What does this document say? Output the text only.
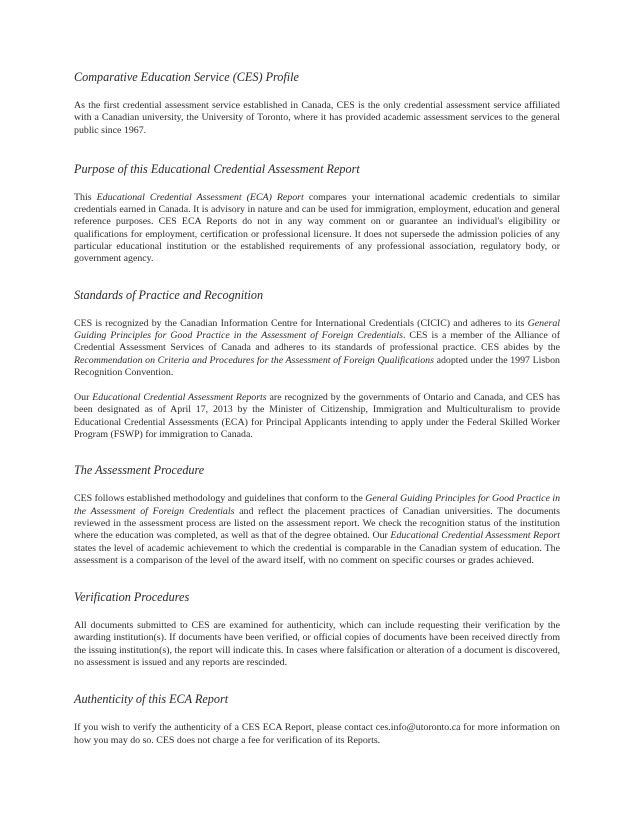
Comparative Education Service (CES) Profile

As the first credential assessment service established in Canada, CES is the only credential assessment service affiliated with a Canadian university, the University of Toronto, where it has provided academic assessment services to the general public since 1967.

Purpose of this Educational Credential Assessment Report

This Educational Credential Assessment (ECA) Report compares your international academic credentials to similar credentials earned in Canada. It is advisory in nature and can be used for immigration, employment, education and general reference purposes. CES ECA Reports do not in any way comment on or guarantee an individual's eligibility or qualifications for employment, certification or professional licensure. It does not supersede the admission policies of any particular educational institution or the established requirements of any professional association, regulatory body, or government agency.

Standards of Practice and Recognition

CES is recognized by the Canadian Information Centre for International Credentials (CICIC) and adheres to its General Guiding Principles for Good Practice in the Assessment of Foreign Credentials. CES is a member of the Alliance of Credential Assessment Services of Canada and adheres to its standards of professional practice. CES abides by the Recommendation on Criteria and Procedures for the Assessment of Foreign Qualifications adopted under the 1997 Lisbon Recognition Convention.

Our Educational Credential Assessment Reports are recognized by the governments of Ontario and Canada, and CES has been designated as of April 17, 2013 by the Minister of Citizenship, Immigration and Multiculturalism to provide Educational Credential Assessments (ECA) for Principal Applicants intending to apply under the Federal Skilled Worker Program (FSWP) for immigration to Canada.

The Assessment Procedure

CES follows established methodology and guidelines that conform to the General Guiding Principles for Good Practice in the Assessment of Foreign Credentials and reflect the placement practices of Canadian universities. The documents reviewed in the assessment process are listed on the assessment report. We check the recognition status of the institution where the education was completed, as well as that of the degree obtained. Our Educational Credential Assessment Report states the level of academic achievement to which the credential is comparable in the Canadian system of education. The assessment is a comparison of the level of the award itself, with no comment on specific courses or grades achieved.

Verification Procedures

All documents submitted to CES are examined for authenticity, which can include requesting their verification by the awarding institution(s). If documents have been verified, or official copies of documents have been received directly from the issuing institution(s), the report will indicate this. In cases where falsification or alteration of a document is discovered, no assessment is issued and any reports are rescinded.

Authenticity of this ECA Report

If you wish to verify the authenticity of a CES ECA Report, please contact ces.info@utoronto.ca for more information on how you may do so. CES does not charge a fee for verification of its Reports.
